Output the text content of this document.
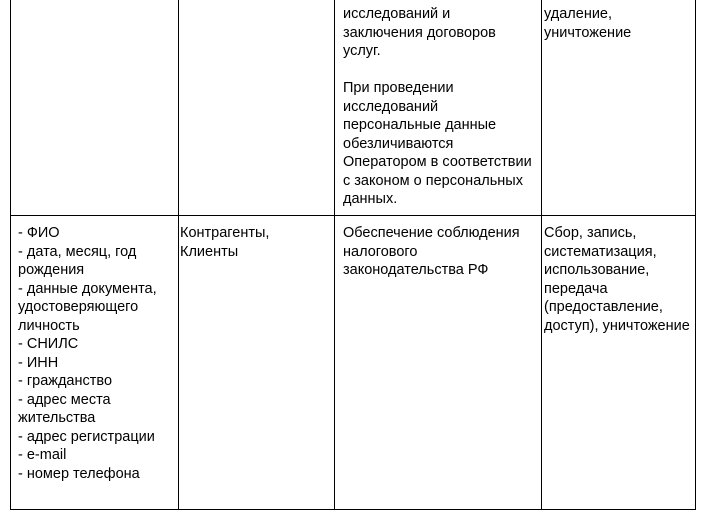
исследований и

заключения договоров

услуг.

При проведении

исследований

персональные данные

обезличиваются

Оператором в соответствии

с законом о персональных

данных.

удаление,

уничтожение

- ФИО

- дата, месяц, год

рождения

- данные документа,

удостоверяющего

личность

- СНИЛС

- ИНН

- гражданство

- адрес места

жительства

- адрес регистрации

- e-mail

- номер телефона

Контрагенты,

Клиенты

Обеспечение соблюдения

налогового

законодательства РФ

Сбор, запись,

систематизация,

использование,

передача

(предоставление,

доступ), уничтожение
